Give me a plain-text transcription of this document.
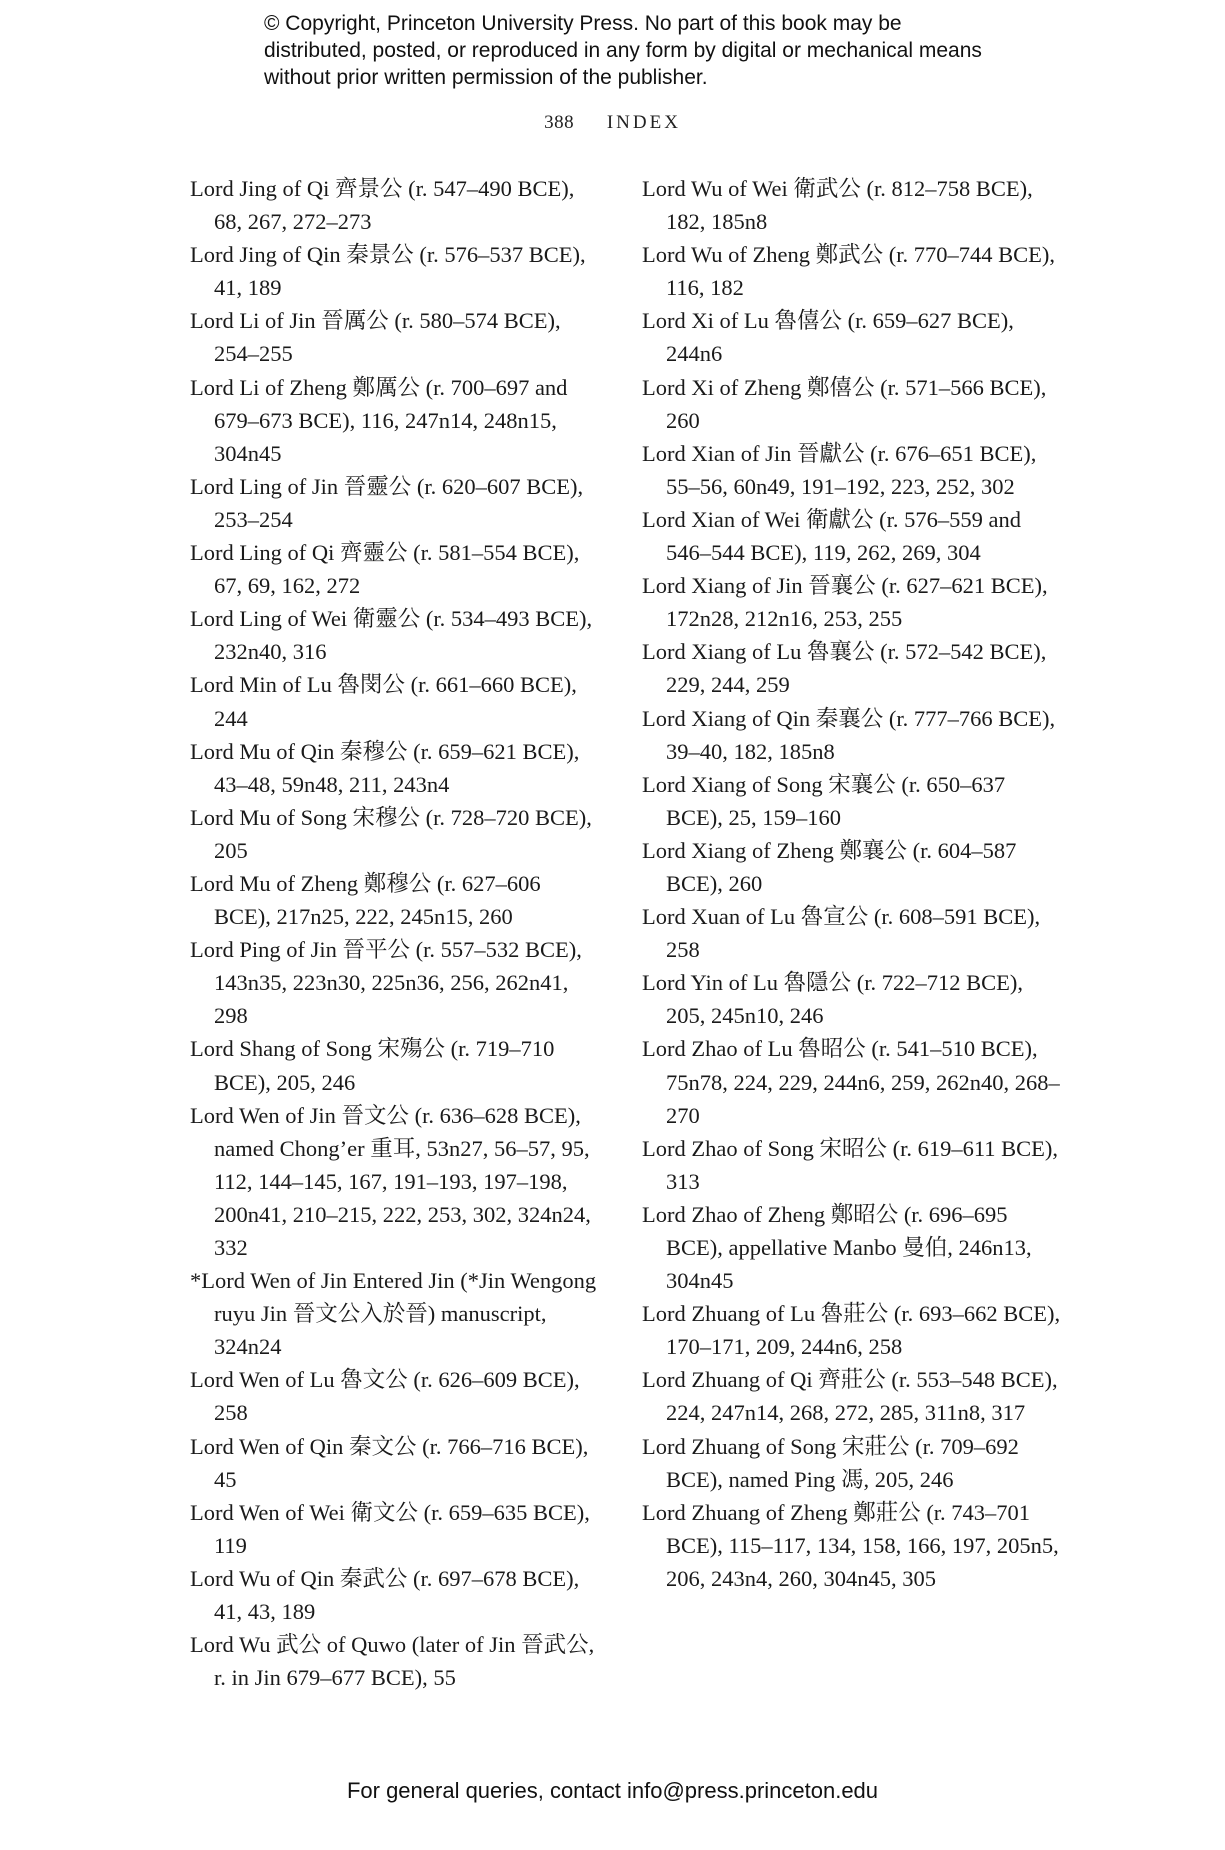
© Copyright, Princeton University Press. No part of this book may be distributed, posted, or reproduced in any form by digital or mechanical means without prior written permission of the publisher.
388 INDEX

Lord Jing of Qi 齊景公 (r. 547–490 BCE), 68, 267, 272–273

Lord Jing of Qin 秦景公 (r. 576–537 BCE), 41, 189

Lord Li of Jin 晉厲公 (r. 580–574 BCE), 254–255

Lord Li of Zheng 鄭厲公 (r. 700–697 and 679–673 BCE), 116, 247n14, 248n15, 304n45

Lord Ling of Jin 晉靈公 (r. 620–607 BCE), 253–254

Lord Ling of Qi 齊靈公 (r. 581–554 BCE), 67, 69, 162, 272

Lord Ling of Wei 衛靈公 (r. 534–493 BCE), 232n40, 316

Lord Min of Lu 魯閔公 (r. 661–660 BCE), 244

Lord Mu of Qin 秦穆公 (r. 659–621 BCE), 43–48, 59n48, 211, 243n4

Lord Mu of Song 宋穆公 (r. 728–720 BCE), 205

Lord Mu of Zheng 鄭穆公 (r. 627–606 BCE), 217n25, 222, 245n15, 260

Lord Ping of Jin 晉平公 (r. 557–532 BCE), 143n35, 223n30, 225n36, 256, 262n41, 298

Lord Shang of Song 宋殤公 (r. 719–710 BCE), 205, 246

Lord Wen of Jin 晉文公 (r. 636–628 BCE), named Chong’er 重耳, 53n27, 56–57, 95, 112, 144–145, 167, 191–193, 197–198, 200n41, 210–215, 222, 253, 302, 324n24, 332

*Lord Wen of Jin Entered Jin (*Jin Wengong ruyu Jin 晉文公入於晉) manuscript, 324n24

Lord Wen of Lu 魯文公 (r. 626–609 BCE), 258

Lord Wen of Qin 秦文公 (r. 766–716 BCE), 45

Lord Wen of Wei 衛文公 (r. 659–635 BCE), 119

Lord Wu of Qin 秦武公 (r. 697–678 BCE), 41, 43, 189

Lord Wu 武公 of Quwo (later of Jin 晉武公, r. in Jin 679–677 BCE), 55

Lord Wu of Wei 衛武公 (r. 812–758 BCE), 182, 185n8

Lord Wu of Zheng 鄭武公 (r. 770–744 BCE), 116, 182

Lord Xi of Lu 魯僖公 (r. 659–627 BCE), 244n6

Lord Xi of Zheng 鄭僖公 (r. 571–566 BCE), 260

Lord Xian of Jin 晉獻公 (r. 676–651 BCE), 55–56, 60n49, 191–192, 223, 252, 302

Lord Xian of Wei 衛獻公 (r. 576–559 and 546–544 BCE), 119, 262, 269, 304

Lord Xiang of Jin 晉襄公 (r. 627–621 BCE), 172n28, 212n16, 253, 255

Lord Xiang of Lu 魯襄公 (r. 572–542 BCE), 229, 244, 259

Lord Xiang of Qin 秦襄公 (r. 777–766 BCE), 39–40, 182, 185n8

Lord Xiang of Song 宋襄公 (r. 650–637 BCE), 25, 159–160

Lord Xiang of Zheng 鄭襄公 (r. 604–587 BCE), 260

Lord Xuan of Lu 魯宣公 (r. 608–591 BCE), 258

Lord Yin of Lu 魯隱公 (r. 722–712 BCE), 205, 245n10, 246

Lord Zhao of Lu 魯昭公 (r. 541–510 BCE), 75n78, 224, 229, 244n6, 259, 262n40, 268–270

Lord Zhao of Song 宋昭公 (r. 619–611 BCE), 313

Lord Zhao of Zheng 鄭昭公 (r. 696–695 BCE), appellative Manbo 曼伯, 246n13, 304n45

Lord Zhuang of Lu 魯莊公 (r. 693–662 BCE), 170–171, 209, 244n6, 258

Lord Zhuang of Qi 齊莊公 (r. 553–548 BCE), 224, 247n14, 268, 272, 285, 311n8, 317

Lord Zhuang of Song 宋莊公 (r. 709–692 BCE), named Ping 馮, 205, 246

Lord Zhuang of Zheng 鄭莊公 (r. 743–701 BCE), 115–117, 134, 158, 166, 197, 205n5, 206, 243n4, 260, 304n45, 305

For general queries, contact info@press.princeton.edu
